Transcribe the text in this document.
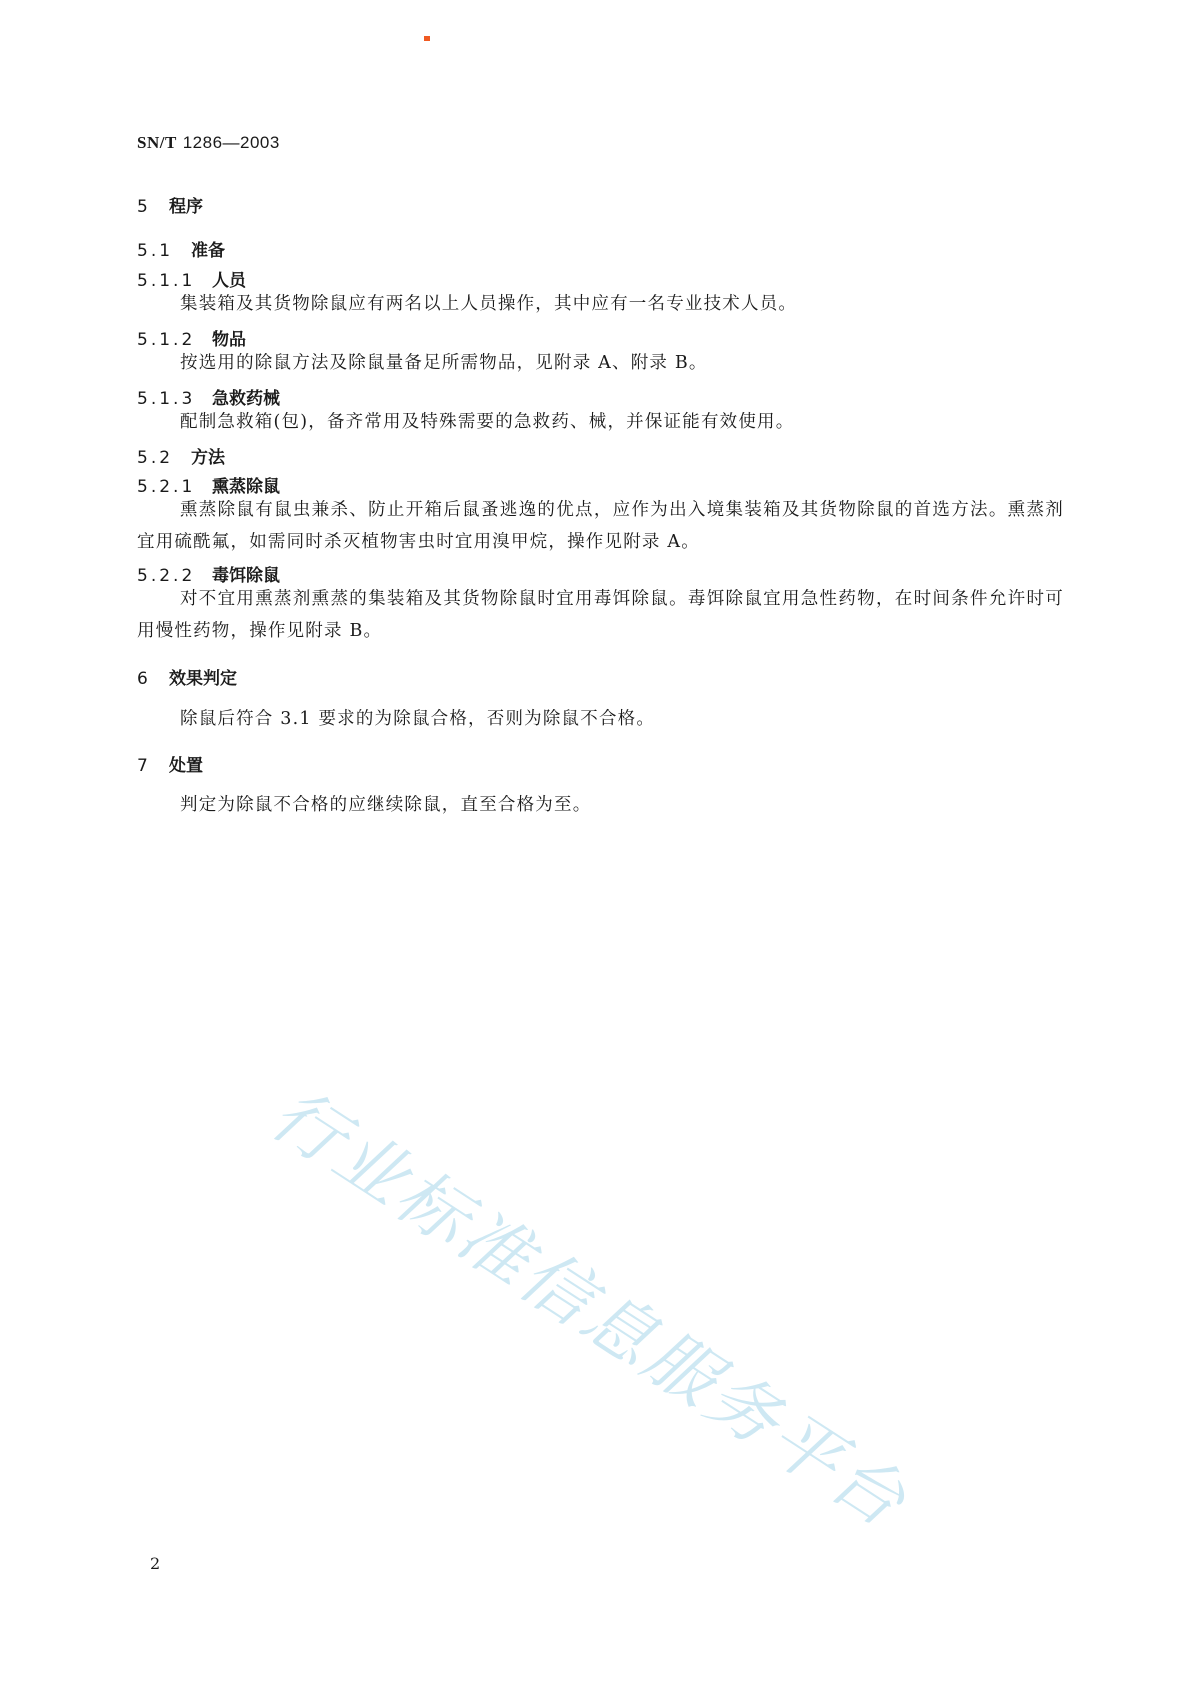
SN/T 1286—2003
5 程序
5.1 准备
5.1.1 人员
集装箱及其货物除鼠应有两名以上人员操作，其中应有一名专业技术人员。
5.1.2 物品
按选用的除鼠方法及除鼠量备足所需物品，见附录 A、附录 B。
5.1.3 急救药械
配制急救箱(包)，备齐常用及特殊需要的急救药、械，并保证能有效使用。
5.2 方法
5.2.1 熏蒸除鼠
熏蒸除鼠有鼠虫兼杀、防止开箱后鼠蚤逃逸的优点，应作为出入境集装箱及其货物除鼠的首选方法。熏蒸剂宜用硫酰氟，如需同时杀灭植物害虫时宜用溴甲烷，操作见附录 A。
5.2.2 毒饵除鼠
对不宜用熏蒸剂熏蒸的集装箱及其货物除鼠时宜用毒饵除鼠。毒饵除鼠宜用急性药物，在时间条件允许时可用慢性药物，操作见附录 B。
6 效果判定
除鼠后符合 3.1 要求的为除鼠合格，否则为除鼠不合格。
7 处置
判定为除鼠不合格的应继续除鼠，直至合格为至。
行业标准信息服务平台
2
